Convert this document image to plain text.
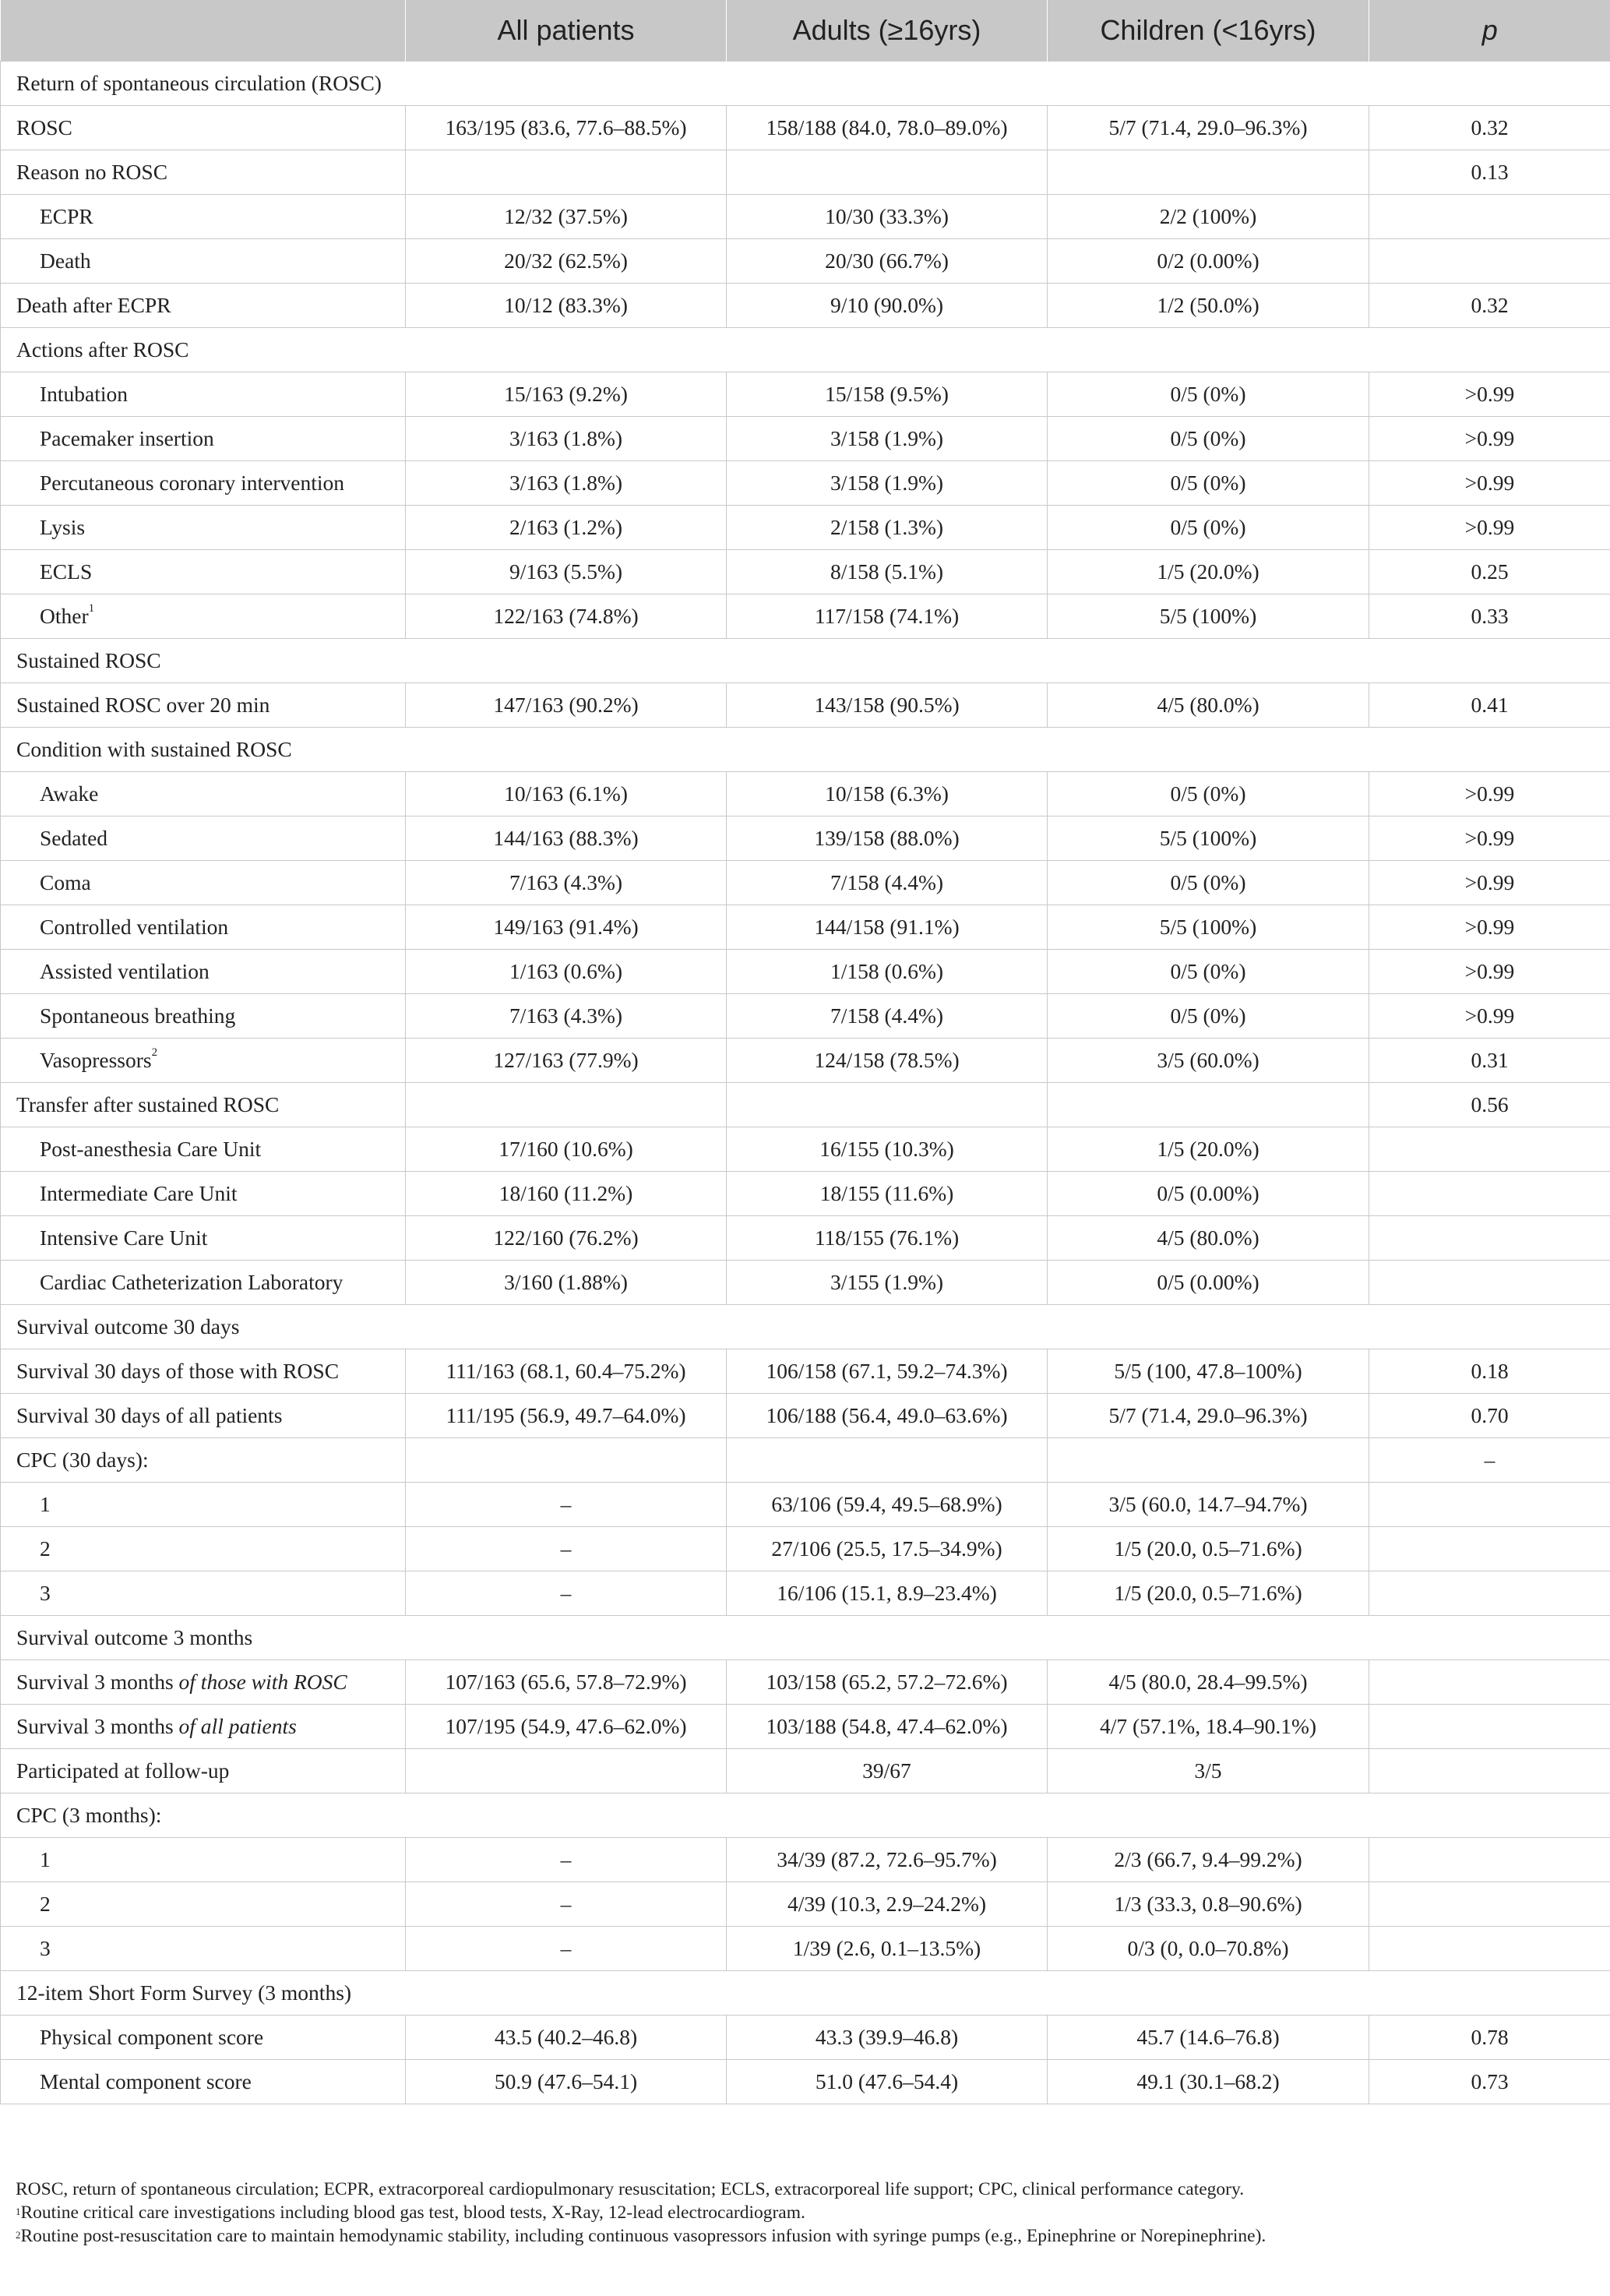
	All patients	Adults (≥16yrs)	Children (<16yrs)	p
Return of spontaneous circulation (ROSC)				
ROSC	163/195 (83.6, 77.6–88.5%)	158/188 (84.0, 78.0–89.0%)	5/7 (71.4, 29.0–96.3%)	0.32
Reason no ROSC				0.13
ECPR	12/32 (37.5%)	10/30 (33.3%)	2/2 (100%)	
Death	20/32 (62.5%)	20/30 (66.7%)	0/2 (0.00%)	
Death after ECPR	10/12 (83.3%)	9/10 (90.0%)	1/2 (50.0%)	0.32
Actions after ROSC				
Intubation	15/163 (9.2%)	15/158 (9.5%)	0/5 (0%)	>0.99
Pacemaker insertion	3/163 (1.8%)	3/158 (1.9%)	0/5 (0%)	>0.99
Percutaneous coronary intervention	3/163 (1.8%)	3/158 (1.9%)	0/5 (0%)	>0.99
Lysis	2/163 (1.2%)	2/158 (1.3%)	0/5 (0%)	>0.99
ECLS	9/163 (5.5%)	8/158 (5.1%)	1/5 (20.0%)	0.25
Other$^1$	122/163 (74.8%)	117/158 (74.1%)	5/5 (100%)	0.33
Sustained ROSC				
Sustained ROSC over 20 min	147/163 (90.2%)	143/158 (90.5%)	4/5 (80.0%)	0.41
Condition with sustained ROSC				
Awake	10/163 (6.1%)	10/158 (6.3%)	0/5 (0%)	>0.99
Sedated	144/163 (88.3%)	139/158 (88.0%)	5/5 (100%)	>0.99
Coma	7/163 (4.3%)	7/158 (4.4%)	0/5 (0%)	>0.99
Controlled ventilation	149/163 (91.4%)	144/158 (91.1%)	5/5 (100%)	>0.99
Assisted ventilation	1/163 (0.6%)	1/158 (0.6%)	0/5 (0%)	>0.99
Spontaneous breathing	7/163 (4.3%)	7/158 (4.4%)	0/5 (0%)	>0.99
Vasopressors$^2$	127/163 (77.9%)	124/158 (78.5%)	3/5 (60.0%)	0.31
Transfer after sustained ROSC				0.56
Post-anesthesia Care Unit	17/160 (10.6%)	16/155 (10.3%)	1/5 (20.0%)	
Intermediate Care Unit	18/160 (11.2%)	18/155 (11.6%)	0/5 (0.00%)	
Intensive Care Unit	122/160 (76.2%)	118/155 (76.1%)	4/5 (80.0%)	
Cardiac Catheterization Laboratory	3/160 (1.88%)	3/155 (1.9%)	0/5 (0.00%)	
Survival outcome 30 days				
Survival 30 days of those with ROSC	111/163 (68.1, 60.4–75.2%)	106/158 (67.1, 59.2–74.3%)	5/5 (100, 47.8–100%)	0.18
Survival 30 days of all patients	111/195 (56.9, 49.7–64.0%)	106/188 (56.4, 49.0–63.6%)	5/7 (71.4, 29.0–96.3%)	0.70
CPC (30 days):				–
1	–	63/106 (59.4, 49.5–68.9%)	3/5 (60.0, 14.7–94.7%)	
2	–	27/106 (25.5, 17.5–34.9%)	1/5 (20.0, 0.5–71.6%)	
3	–	16/106 (15.1, 8.9–23.4%)	1/5 (20.0, 0.5–71.6%)	
Survival outcome 3 months				
Survival 3 months of those with ROSC	107/163 (65.6, 57.8–72.9%)	103/158 (65.2, 57.2–72.6%)	4/5 (80.0, 28.4–99.5%)	
Survival 3 months of all patients	107/195 (54.9, 47.6–62.0%)	103/188 (54.8, 47.4–62.0%)	4/7 (57.1%, 18.4–90.1%)	
Participated at follow-up		39/67	3/5	
CPC (3 months):				
1	–	34/39 (87.2, 72.6–95.7%)	2/3 (66.7, 9.4–99.2%)	
2	–	4/39 (10.3, 2.9–24.2%)	1/3 (33.3, 0.8–90.6%)	
3	–	1/39 (2.6, 0.1–13.5%)	0/3 (0, 0.0–70.8%)	
12-item Short Form Survey (3 months)				
Physical component score	43.5 (40.2–46.8)	43.3 (39.9–46.8)	45.7 (14.6–76.8)	0.78
Mental component score	50.9 (47.6–54.1)	51.0 (47.6–54.4)	49.1 (30.1–68.2)	0.73

ROSC, return of spontaneous circulation; ECPR, extracorporeal cardiopulmonary resuscitation; ECLS, extracorporeal life support; CPC, clinical performance category.

$^1$Routine critical care investigations including blood gas test, blood tests, X-Ray, 12-lead electrocardiogram.

$^2$Routine post-resuscitation care to maintain hemodynamic stability, including continuous vasopressors infusion with syringe pumps (e.g., Epinephrine or Norepinephrine).
